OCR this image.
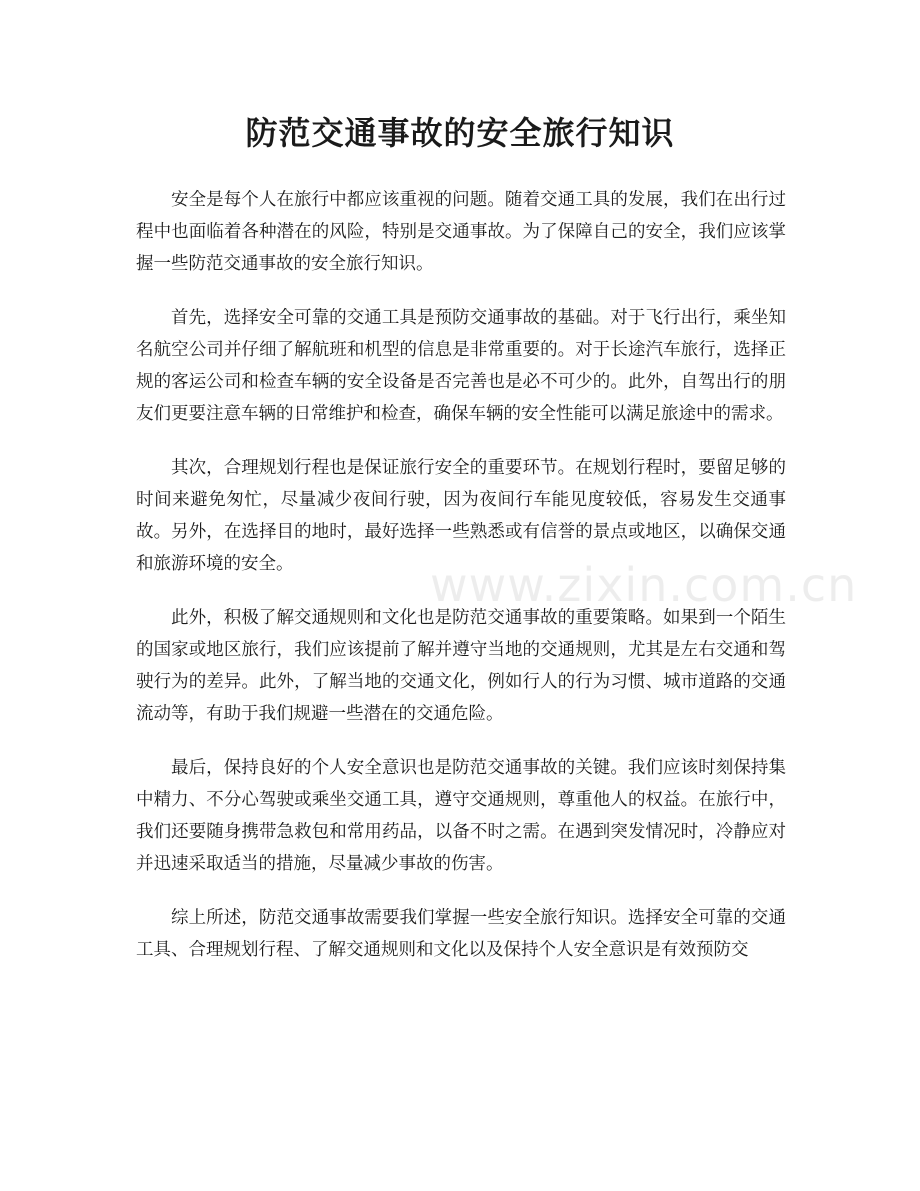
防范交通事故的安全旅行知识

安全是每个人在旅行中都应该重视的问题。随着交通工具的发展，我们在出行过程中也面临着各种潜在的风险，特别是交通事故。为了保障自己的安全，我们应该掌握一些防范交通事故的安全旅行知识。

首先，选择安全可靠的交通工具是预防交通事故的基础。对于飞行出行，乘坐知名航空公司并仔细了解航班和机型的信息是非常重要的。对于长途汽车旅行，选择正规的客运公司和检查车辆的安全设备是否完善也是必不可少的。此外，自驾出行的朋友们更要注意车辆的日常维护和检查，确保车辆的安全性能可以满足旅途中的需求。

其次，合理规划行程也是保证旅行安全的重要环节。在规划行程时，要留足够的时间来避免匆忙，尽量减少夜间行驶，因为夜间行车能见度较低，容易发生交通事故。另外，在选择目的地时，最好选择一些熟悉或有信誉的景点或地区，以确保交通和旅游环境的安全。

此外，积极了解交通规则和文化也是防范交通事故的重要策略。如果到一个陌生的国家或地区旅行，我们应该提前了解并遵守当地的交通规则，尤其是左右交通和驾驶行为的差异。此外，了解当地的交通文化，例如行人的行为习惯、城市道路的交通流动等，有助于我们规避一些潜在的交通危险。

最后，保持良好的个人安全意识也是防范交通事故的关键。我们应该时刻保持集中精力、不分心驾驶或乘坐交通工具，遵守交通规则，尊重他人的权益。在旅行中，我们还要随身携带急救包和常用药品，以备不时之需。在遇到突发情况时，冷静应对并迅速采取适当的措施，尽量减少事故的伤害。

综上所述，防范交通事故需要我们掌握一些安全旅行知识。选择安全可靠的交通工具、合理规划行程、了解交通规则和文化以及保持个人安全意识是有效预防交

www.zixin.com.cn
